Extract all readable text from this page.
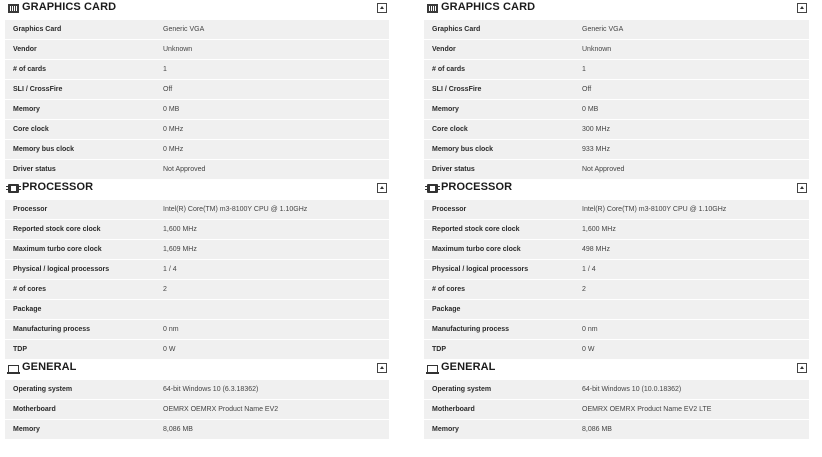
GRAPHICS CARD
Graphics Card	Generic VGA
Vendor	Unknown
# of cards	1
SLI / CrossFire	Off
Memory	0 MB
Core clock	0 MHz
Memory bus clock	0 MHz
Driver status	Not Approved
PROCESSOR
Processor	Intel(R) Core(TM) m3-8100Y CPU @ 1.10GHz
Reported stock core clock	1,600 MHz
Maximum turbo core clock	1,609 MHz
Physical / logical processors	1 / 4
# of cores	2
Package
Manufacturing process	0 nm
TDP	0 W
GENERAL
Operating system	64-bit Windows 10 (6.3.18362)
Motherboard	OEMRX OEMRX Product Name EV2
Memory	8,086 MB
GRAPHICS CARD
Graphics Card	Generic VGA
Vendor	Unknown
# of cards	1
SLI / CrossFire	Off
Memory	0 MB
Core clock	300 MHz
Memory bus clock	933 MHz
Driver status	Not Approved
PROCESSOR
Processor	Intel(R) Core(TM) m3-8100Y CPU @ 1.10GHz
Reported stock core clock	1,600 MHz
Maximum turbo core clock	498 MHz
Physical / logical processors	1 / 4
# of cores	2
Package
Manufacturing process	0 nm
TDP	0 W
GENERAL
Operating system	64-bit Windows 10 (10.0.18362)
Motherboard	OEMRX OEMRX Product Name EV2 LTE
Memory	8,086 MB
